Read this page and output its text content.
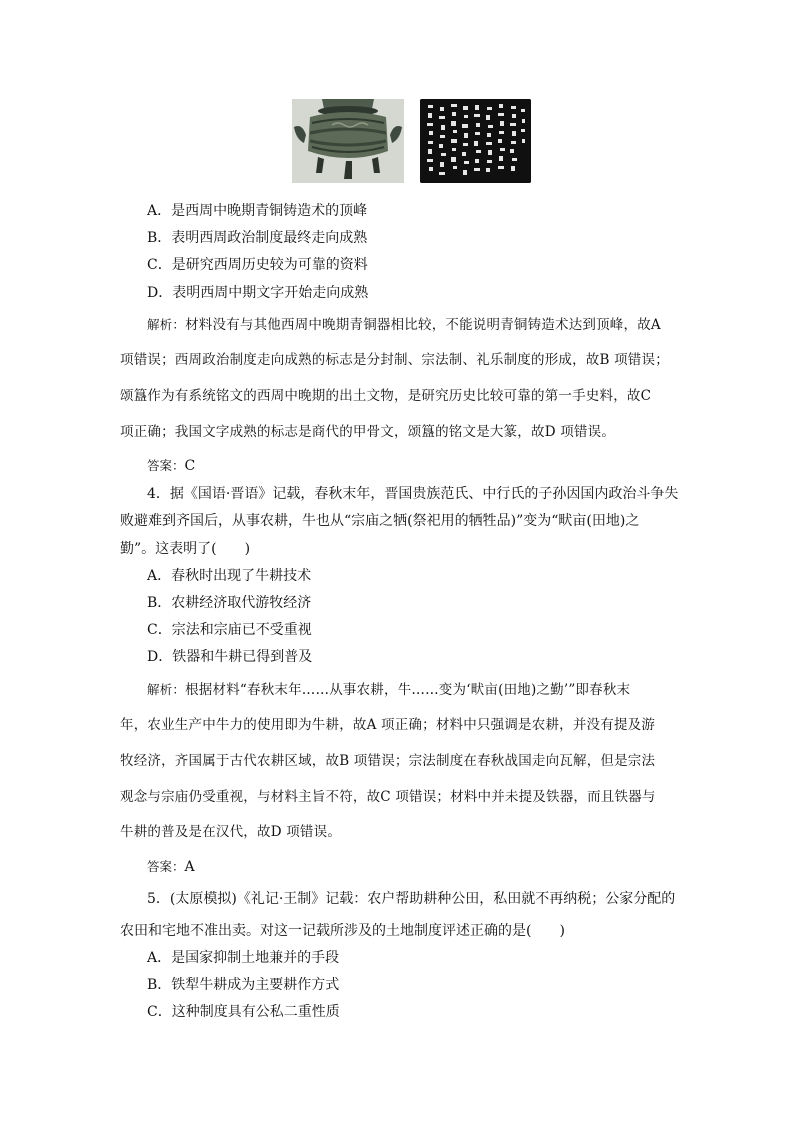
A．是西周中晚期青铜铸造术的顶峰
B．表明西周政治制度最终走向成熟
C．是研究西周历史较为可靠的资料
D．表明西周中期文字开始走向成熟
解析：材料没有与其他西周中晚期青铜器相比较，不能说明青铜铸造术达到顶峰，故A
项错误；西周政治制度走向成熟的标志是分封制、宗法制、礼乐制度的形成，故B 项错误；
颂簋作为有系统铭文的西周中晚期的出土文物，是研究历史比较可靠的第一手史料，故C
项正确；我国文字成熟的标志是商代的甲骨文，颂簋的铭文是大篆，故D 项错误。
答案：C
4．据《国语·晋语》记载，春秋末年，晋国贵族范氏、中行氏的子孙因国内政治斗争失
败避难到齐国后，从事农耕，牛也从“宗庙之牺(祭祀用的牺牲品)”变为“畎亩(田地)之
勤”。这表明了(　　)
A．春秋时出现了牛耕技术
B．农耕经济取代游牧经济
C．宗法和宗庙已不受重视
D．铁器和牛耕已得到普及
解析：根据材料“春秋末年……从事农耕，牛……变为‘畎亩(田地)之勤’”即春秋末
年，农业生产中牛力的使用即为牛耕，故A 项正确；材料中只强调是农耕，并没有提及游
牧经济，齐国属于古代农耕区域，故B 项错误；宗法制度在春秋战国走向瓦解，但是宗法
观念与宗庙仍受重视，与材料主旨不符，故C 项错误；材料中并未提及铁器，而且铁器与
牛耕的普及是在汉代，故D 项错误。
答案：A
5．(太原模拟)《礼记·王制》记载：农户帮助耕种公田，私田就不再纳税；公家分配的
农田和宅地不准出卖。对这一记载所涉及的土地制度评述正确的是(　　)
A．是国家抑制土地兼并的手段
B．铁犁牛耕成为主要耕作方式
C．这种制度具有公私二重性质
